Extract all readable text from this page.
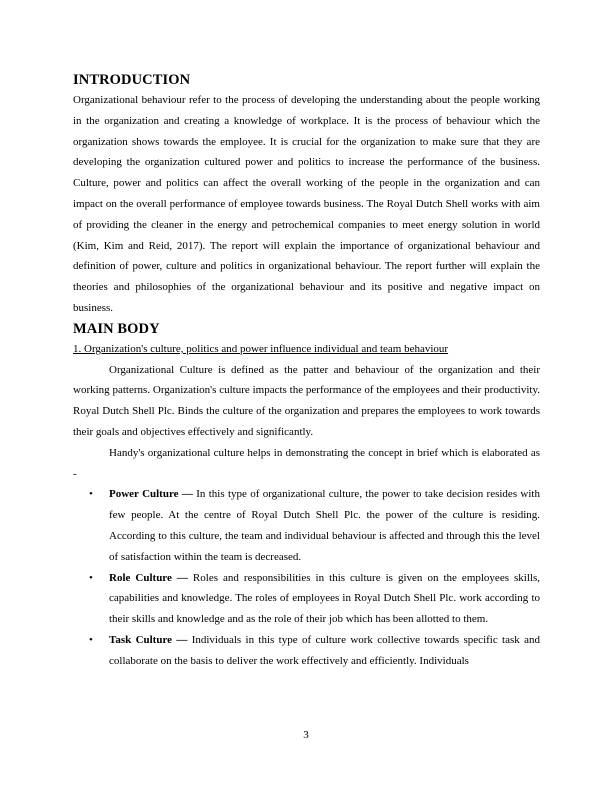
INTRODUCTION

Organizational behaviour refer to the process of developing the understanding about the people working in the organization and creating a knowledge of workplace. It is the process of behaviour which the organization shows towards the employee. It is crucial for the organization to make sure that they are developing the organization cultured power and politics to increase the performance of the business. Culture, power and politics can affect the overall working of the people in the organization and can impact on the overall performance of employee towards business. The Royal Dutch Shell works with aim of providing the cleaner in the energy and petrochemical companies to meet energy solution in world (Kim, Kim and Reid, 2017). The report will explain the importance of organizational behaviour and definition of power, culture and politics in organizational behaviour. The report further will explain the theories and philosophies of the organizational behaviour and its positive and negative impact on business.

MAIN BODY

1. Organization's culture, politics and power influence individual and team behaviour

Organizational Culture is defined as the patter and behaviour of the organization and their working patterns. Organization's culture impacts the performance of the employees and their productivity. Royal Dutch Shell Plc. Binds the culture of the organization and prepares the employees to work towards their goals and objectives effectively and significantly.

Handy's organizational culture helps in demonstrating the concept in brief which is elaborated as -

• Power Culture — In this type of organizational culture, the power to take decision resides with few people. At the centre of Royal Dutch Shell Plc. the power of the culture is residing. According to this culture, the team and individual behaviour is affected and through this the level of satisfaction within the team is decreased.
• Role Culture — Roles and responsibilities in this culture is given on the employees skills, capabilities and knowledge. The roles of employees in Royal Dutch Shell Plc. work according to their skills and knowledge and as the role of their job which has been allotted to them.
• Task Culture — Individuals in this type of culture work collective towards specific task and collaborate on the basis to deliver the work effectively and efficiently. Individuals
3
